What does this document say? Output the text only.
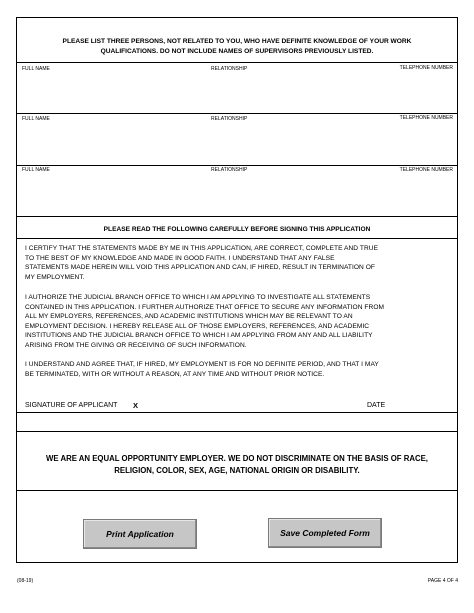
PLEASE LIST THREE PERSONS, NOT RELATED TO YOU, WHO HAVE DEFINITE KNOWLEDGE OF YOUR WORK
QUALIFICATIONS. DO NOT INCLUDE NAMES OF SUPERVISORS PREVIOUSLY LISTED.
FULL NAME	RELATIONSHIP	TELEPHONE NUMBER
FULL NAME	RELATIONSHIP	TELEPHONE NUMBER
FULL NAME	RELATIONSHIP	TELEPHONE NUMBER
PLEASE READ THE FOLLOWING CAREFULLY BEFORE SIGNING THIS APPLICATION
I CERTIFY THAT THE STATEMENTS MADE BY ME IN THIS APPLICATION, ARE CORRECT, COMPLETE AND TRUE
TO THE BEST OF MY KNOWLEDGE AND MADE IN GOOD FAITH. I UNDERSTAND THAT ANY FALSE
STATEMENTS MADE HEREIN WILL VOID THIS APPLICATION AND CAN, IF HIRED, RESULT IN TERMINATION OF
MY EMPLOYMENT.
I AUTHORIZE THE JUDICIAL BRANCH OFFICE TO WHICH I AM APPLYING TO INVESTIGATE ALL STATEMENTS
CONTAINED IN THIS APPLICATION. I FURTHER AUTHORIZE THAT OFFICE TO SECURE ANY INFORMATION FROM
ALL MY EMPLOYERS, REFERENCES, AND ACADEMIC INSTITUTIONS WHICH MAY BE RELEVANT TO AN
EMPLOYMENT DECISION. I HEREBY RELEASE ALL OF THOSE EMPLOYERS, REFERENCES, AND ACADEMIC
INSTITUTIONS AND THE JUDICIAL BRANCH OFFICE TO WHICH I AM APPLYING FROM ANY AND ALL LIABILITY
ARISING FROM THE GIVING OR RECEIVING OF SUCH INFORMATION.
I UNDERSTAND AND AGREE THAT, IF HIRED, MY EMPLOYMENT IS FOR NO DEFINITE PERIOD, AND THAT I MAY
BE TERMINATED, WITH OR WITHOUT A REASON, AT ANY TIME AND WITHOUT PRIOR NOTICE.
SIGNATURE OF APPLICANT X	DATE
WE ARE AN EQUAL OPPORTUNITY EMPLOYER. WE DO NOT DISCRIMINATE ON THE BASIS OF RACE,
RELIGION, COLOR, SEX, AGE, NATIONAL ORIGIN OR DISABILITY.
Print Application	Save Completed Form
(08-19)	PAGE 4 OF 4
